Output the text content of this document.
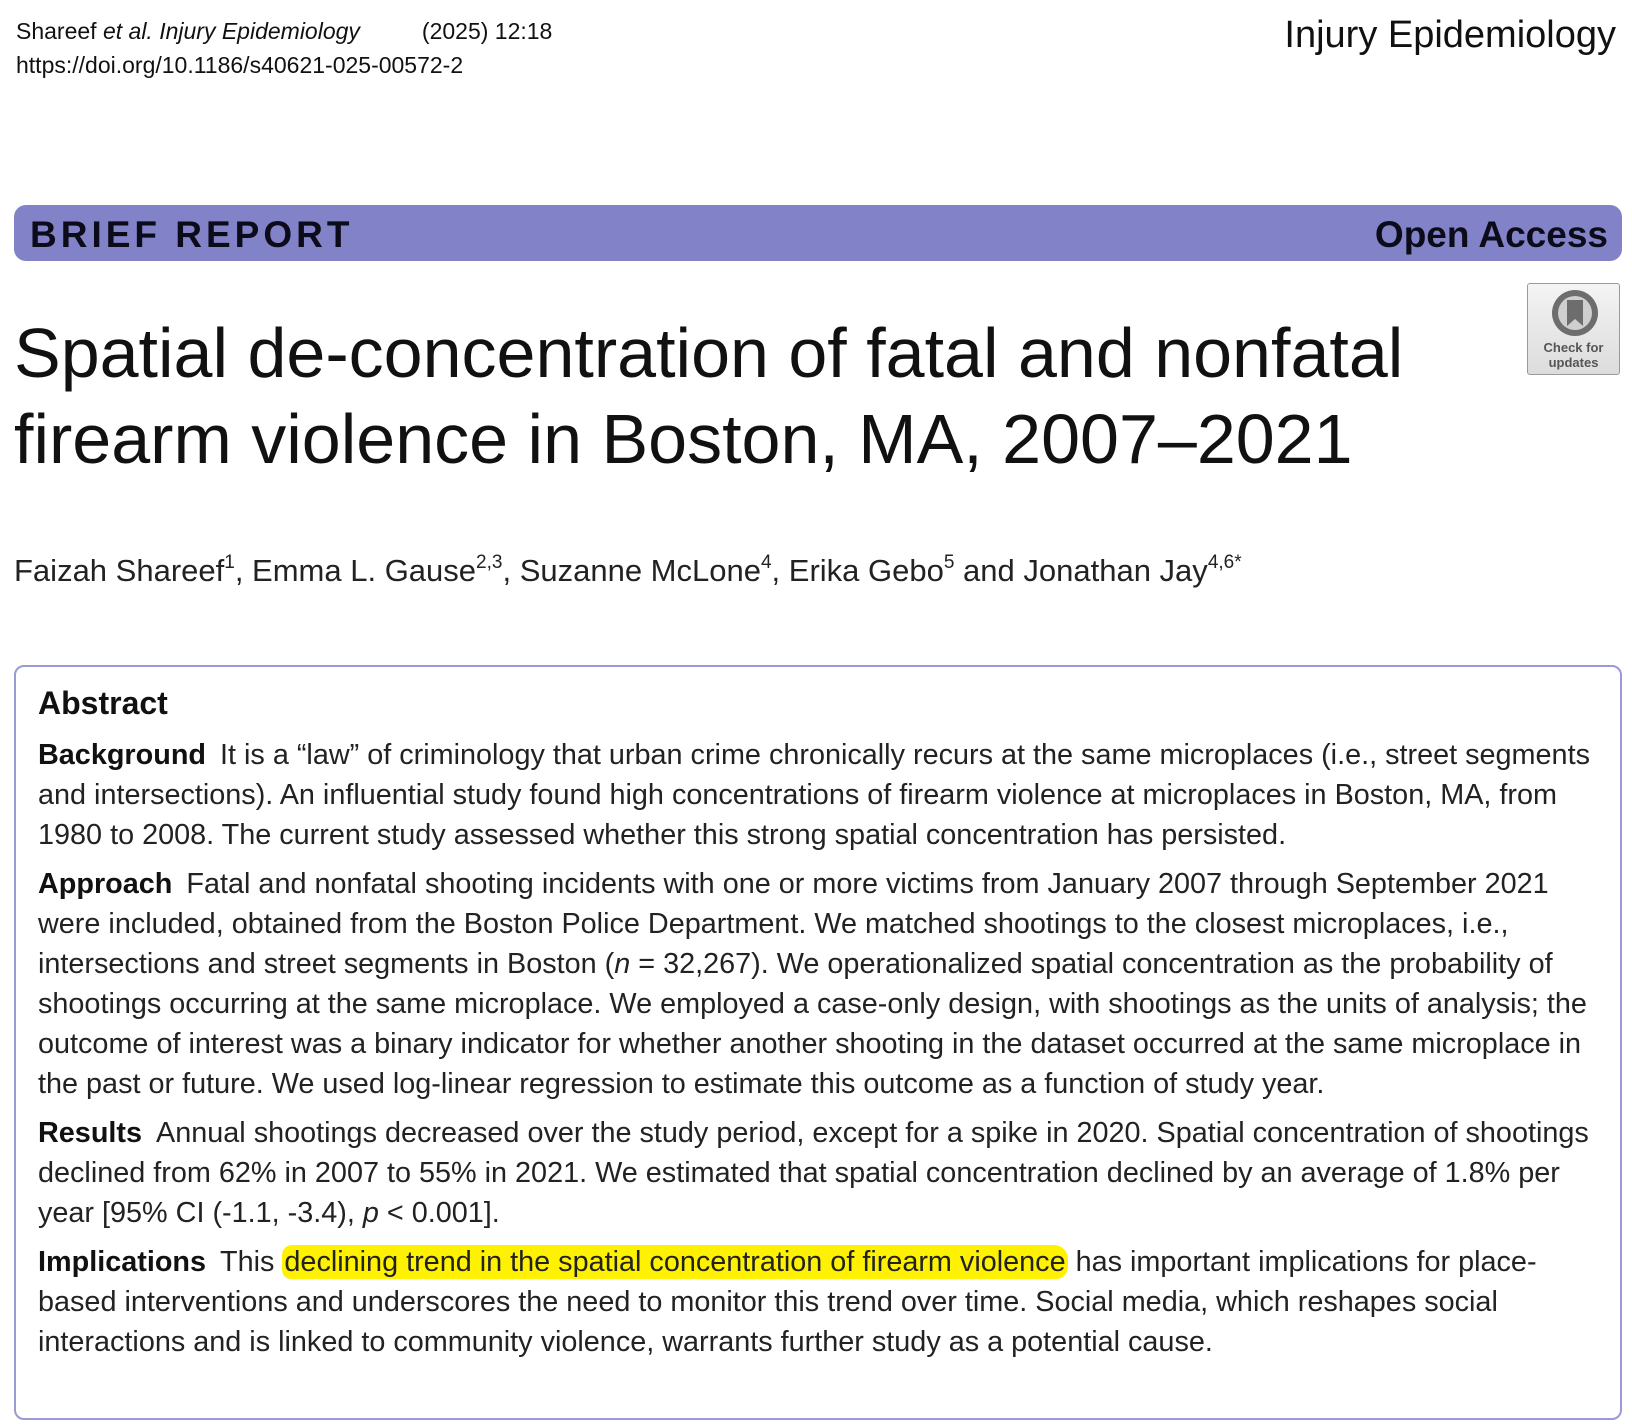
Shareef et al. Injury Epidemiology	(2025) 12:18
https://doi.org/10.1186/s40621-025-00572-2
Injury Epidemiology
BRIEF REPORT	Open Access
Check for
updates
Spatial de-concentration of fatal and nonfatal firearm violence in Boston, MA, 2007–2021
Faizah Shareef$^1$, Emma L. Gause$^{2,3}$, Suzanne McLone$^4$, Erika Gebo$^5$ and Jonathan Jay$^{4,6*}$
Abstract

Background It is a “law” of criminology that urban crime chronically recurs at the same microplaces (i.e., street segments and intersections). An influential study found high concentrations of firearm violence at microplaces in Boston, MA, from 1980 to 2008. The current study assessed whether this strong spatial concentration has persisted.

Approach Fatal and nonfatal shooting incidents with one or more victims from January 2007 through September 2021 were included, obtained from the Boston Police Department. We matched shootings to the closest microplaces, i.e., intersections and street segments in Boston (n = 32,267). We operationalized spatial concentration as the probability of shootings occurring at the same microplace. We employed a case-only design, with shootings as the units of analysis; the outcome of interest was a binary indicator for whether another shooting in the dataset occurred at the same microplace in the past or future. We used log-linear regression to estimate this outcome as a function of study year.

Results Annual shootings decreased over the study period, except for a spike in 2020. Spatial concentration of shootings declined from 62% in 2007 to 55% in 2021. We estimated that spatial concentration declined by an average of 1.8% per year [95% CI (-1.1, -3.4), p < 0.001].

Implications This declining trend in the spatial concentration of firearm violence has important implications for place-based interventions and underscores the need to monitor this trend over time. Social media, which reshapes social interactions and is linked to community violence, warrants further study as a potential cause.
